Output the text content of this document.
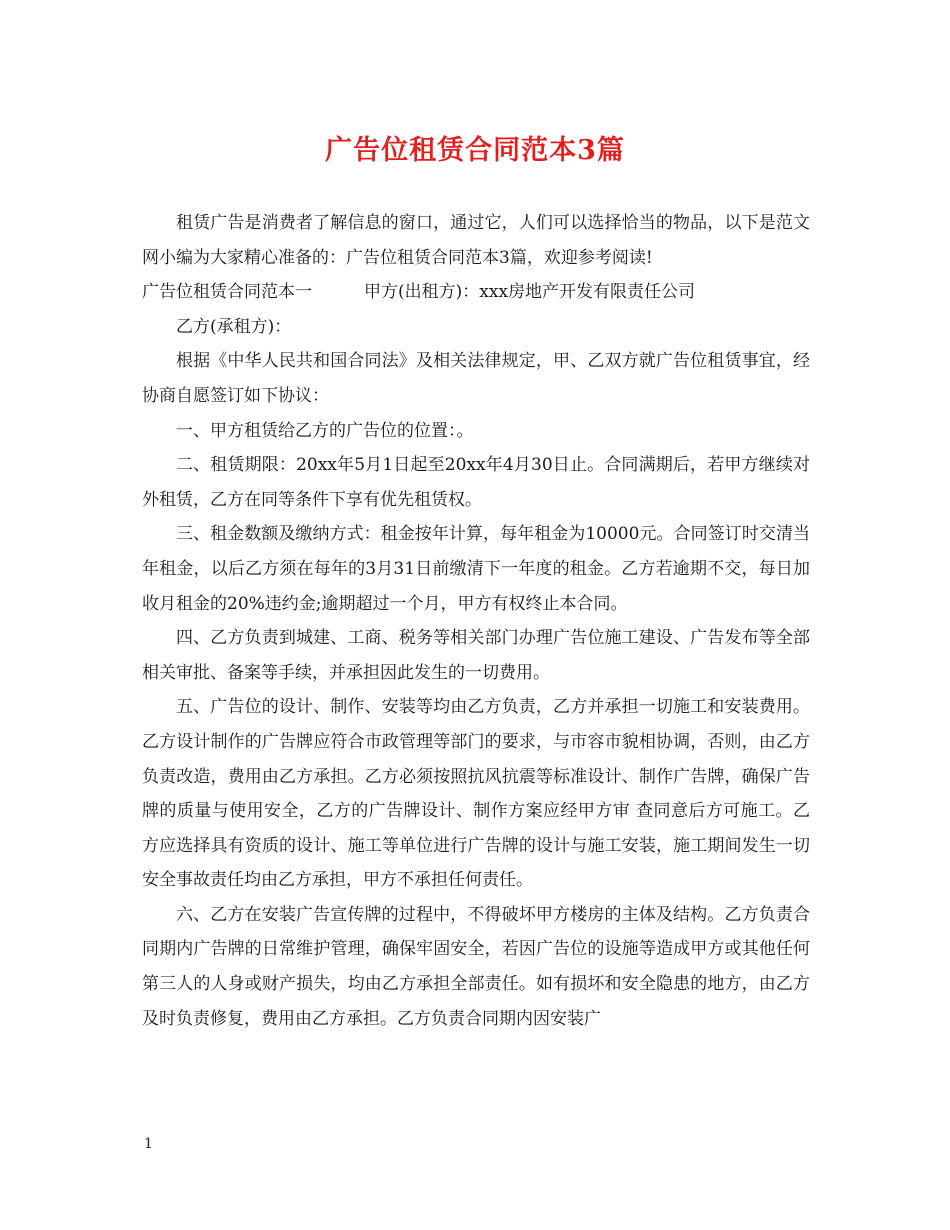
广告位租赁合同范本3篇

租赁广告是消费者了解信息的窗口，通过它，人们可以选择恰当的物品，以下是范文网小编为大家精心准备的：广告位租赁合同范本3篇，欢迎参考阅读!

广告位租赁合同范本一	甲方(出租方)：xxx房地产开发有限责任公司

乙方(承租方)：

根据《中华人民共和国合同法》及相关法律规定，甲、乙双方就广告位租赁事宜，经协商自愿签订如下协议：

一、甲方租赁给乙方的广告位的位置：。

二、租赁期限：20xx年5月1日起至20xx年4月30日止。合同满期后，若甲方继续对外租赁，乙方在同等条件下享有优先租赁权。

三、租金数额及缴纳方式：租金按年计算，每年租金为10000元。合同签订时交清当年租金，以后乙方须在每年的3月31日前缴清下一年度的租金。乙方若逾期不交，每日加收月租金的20%违约金;逾期超过一个月，甲方有权终止本合同。

四、乙方负责到城建、工商、税务等相关部门办理广告位施工建设、广告发布等全部相关审批、备案等手续，并承担因此发生的一切费用。

五、广告位的设计、制作、安装等均由乙方负责，乙方并承担一切施工和安装费用。乙方设计制作的广告牌应符合市政管理等部门的要求，与市容市貌相协调，否则，由乙方负责改造，费用由乙方承担。乙方必须按照抗风抗震等标准设计、制作广告牌，确保广告牌的质量与使用安全，乙方的广告牌设计、制作方案应经甲方审 查同意后方可施工。乙方应选择具有资质的设计、施工等单位进行广告牌的设计与施工安装，施工期间发生一切安全事故责任均由乙方承担，甲方不承担任何责任。

六、乙方在安装广告宣传牌的过程中，不得破坏甲方楼房的主体及结构。乙方负责合同期内广告牌的日常维护管理，确保牢固安全，若因广告位的设施等造成甲方或其他任何第三人的人身或财产损失，均由乙方承担全部责任。如有损坏和安全隐患的地方，由乙方及时负责修复，费用由乙方承担。乙方负责合同期内因安装广

1
